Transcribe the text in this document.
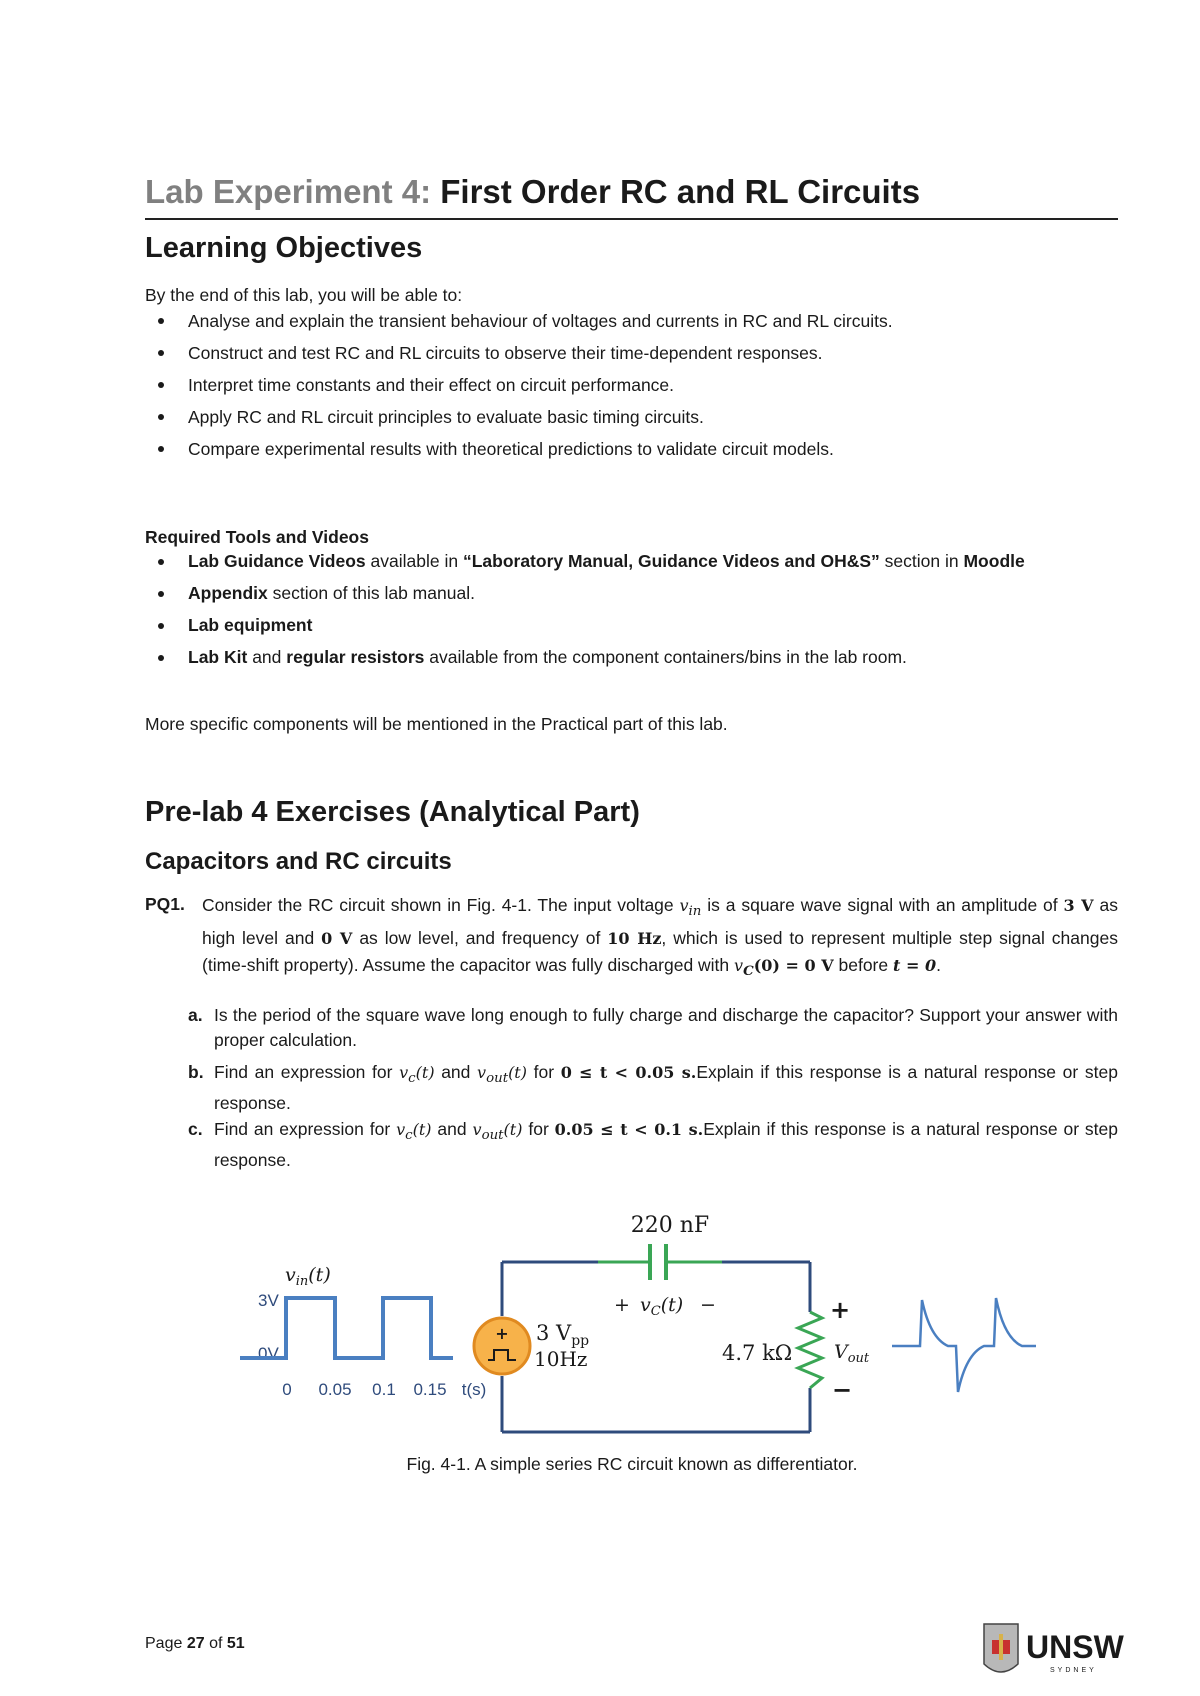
Lab Experiment 4: First Order RC and RL Circuits
Learning Objectives
By the end of this lab, you will be able to:
Analyse and explain the transient behaviour of voltages and currents in RC and RL circuits.
Construct and test RC and RL circuits to observe their time-dependent responses.
Interpret time constants and their effect on circuit performance.
Apply RC and RL circuit principles to evaluate basic timing circuits.
Compare experimental results with theoretical predictions to validate circuit models.
Required Tools and Videos
Lab Guidance Videos available in “Laboratory Manual, Guidance Videos and OH&S” section in Moodle
Appendix section of this lab manual.
Lab equipment
Lab Kit and regular resistors available from the component containers/bins in the lab room.
More specific components will be mentioned in the Practical part of this lab.
Pre-lab 4 Exercises (Analytical Part)
Capacitors and RC circuits
PQ1. Consider the RC circuit shown in Fig. 4-1. The input voltage $v_{in}$ is a square wave signal with an amplitude of 3 V as high level and 0 V as low level, and frequency of 10 Hz, which is used to represent multiple step signal changes (time-shift property). Assume the capacitor was fully discharged with $v_C(0) = 0$ V before t = 0.
a. Is the period of the square wave long enough to fully charge and discharge the capacitor? Support your answer with proper calculation.
b. Find an expression for $v_c(t)$ and $v_{out}(t)$ for 0 ≤ t < 0.05 s.Explain if this response is a natural response or step response.
c. Find an expression for $v_c(t)$ and $v_{out}(t)$ for 0.05 ≤ t < 0.1 s.Explain if this response is a natural response or step response.
$v_{in}(t)$
3V
0V
0 0.05 0.1 0.15 t(s)
220 nF
+ $v_C(t)$ −
+ 3 $V_{pp}$
10Hz	4.7 kΩ
+
$V_{out}$
−
Fig. 4-1. A simple series RC circuit known as differentiator.
Page 27 of 51	UNSW
SYDNEY
